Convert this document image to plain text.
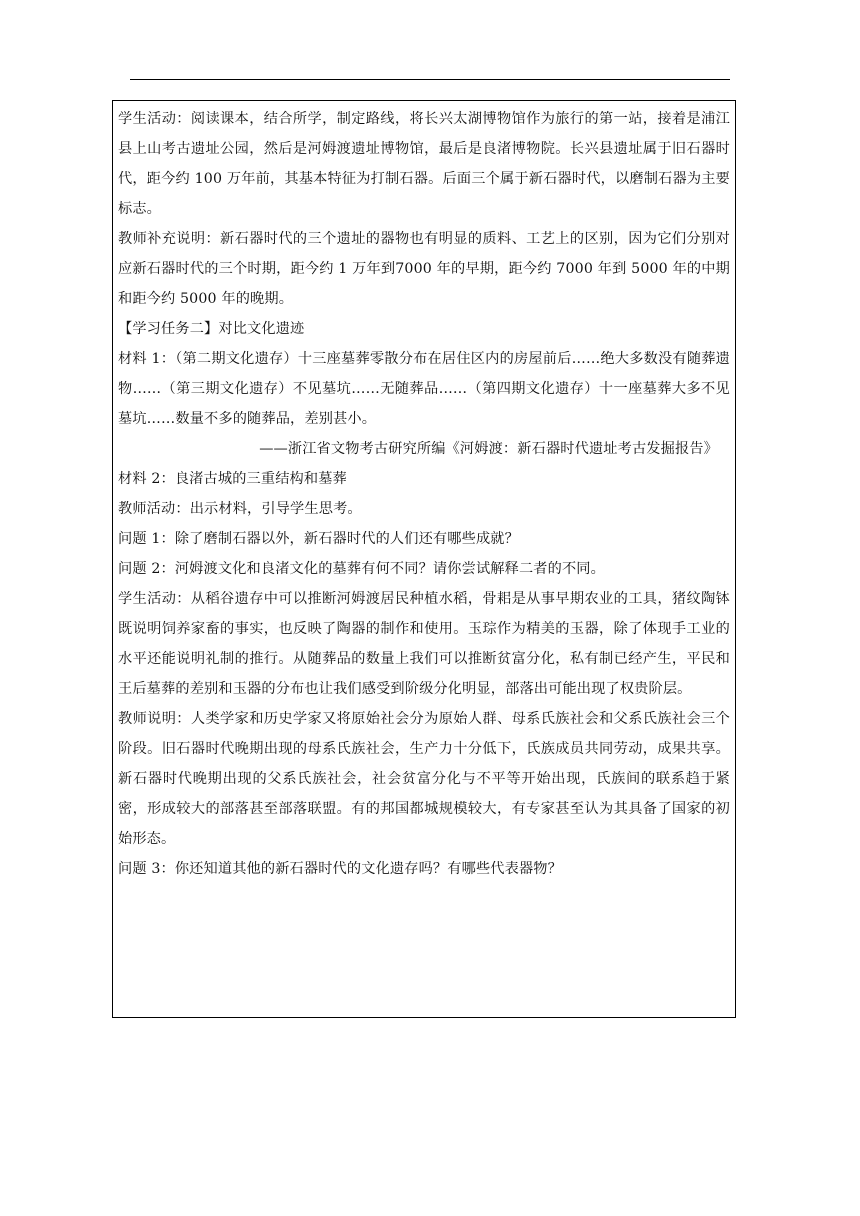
学生活动：阅读课本，结合所学，制定路线，将长兴太湖博物馆作为旅行的第一站，接着是浦江县上山考古遗址公园，然后是河姆渡遗址博物馆，最后是良渚博物院。长兴县遗址属于旧石器时代，距今约 100 万年前，其基本特征为打制石器。后面三个属于新石器时代，以磨制石器为主要标志。

教师补充说明：新石器时代的三个遗址的器物也有明显的质料、工艺上的区别，因为它们分别对应新石器时代的三个时期，距今约 1 万年到7000 年的早期，距今约 7000 年到 5000 年的中期和距今约 5000 年的晚期。

【学习任务二】对比文化遗迹

材料 1：（第二期文化遗存）十三座墓葬零散分布在居住区内的房屋前后……绝大多数没有随葬遗物……（第三期文化遗存）不见墓坑……无随葬品……（第四期文化遗存）十一座墓葬大多不见墓坑……数量不多的随葬品，差别甚小。

——浙江省文物考古研究所编《河姆渡：新石器时代遗址考古发掘报告》

材料 2：良渚古城的三重结构和墓葬

教师活动：出示材料，引导学生思考。

问题 1：除了磨制石器以外，新石器时代的人们还有哪些成就？

问题 2：河姆渡文化和良渚文化的墓葬有何不同？请你尝试解释二者的不同。

学生活动：从稻谷遗存中可以推断河姆渡居民种植水稻，骨耜是从事早期农业的工具，猪纹陶钵既说明饲养家畜的事实，也反映了陶器的制作和使用。玉琮作为精美的玉器，除了体现手工业的水平还能说明礼制的推行。从随葬品的数量上我们可以推断贫富分化，私有制已经产生，平民和王后墓葬的差别和玉器的分布也让我们感受到阶级分化明显，部落出可能出现了权贵阶层。

教师说明：人类学家和历史学家又将原始社会分为原始人群、母系氏族社会和父系氏族社会三个阶段。旧石器时代晚期出现的母系氏族社会，生产力十分低下，氏族成员共同劳动，成果共享。新石器时代晚期出现的父系氏族社会，社会贫富分化与不平等开始出现，氏族间的联系趋于紧密，形成较大的部落甚至部落联盟。有的邦国都城规模较大，有专家甚至认为其具备了国家的初始形态。

问题 3：你还知道其他的新石器时代的文化遗存吗？有哪些代表器物？
